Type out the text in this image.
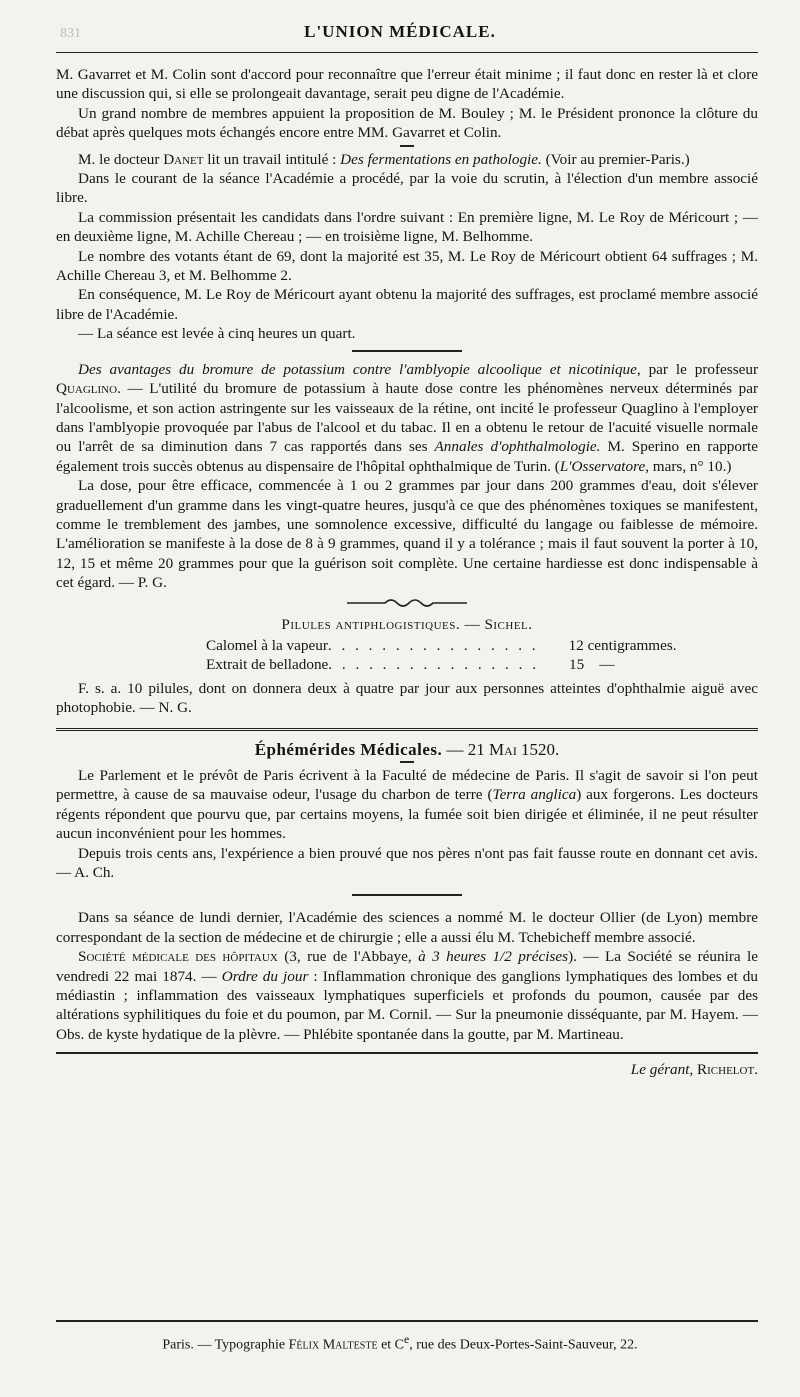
831	L'UNION MÉDICALE.

M. Gavarret et M. Colin sont d'accord pour reconnaître que l'erreur était minime ; il faut donc en rester là et clore une discussion qui, si elle se prolongeait davantage, serait peu digne de l'Académie.

Un grand nombre de membres appuient la proposition de M. Bouley ; M. le Président prononce la clôture du débat après quelques mots échangés encore entre MM. Gavarret et Colin.

M. le docteur Danet lit un travail intitulé : Des fermentations en pathologie. (Voir au premier-Paris.)

Dans le courant de la séance l'Académie a procédé, par la voie du scrutin, à l'élection d'un membre associé libre.

La commission présentait les candidats dans l'ordre suivant : En première ligne, M. Le Roy de Méricourt ; — en deuxième ligne, M. Achille Chereau ; — en troisième ligne, M. Belhomme.

Le nombre des votants étant de 69, dont la majorité est 35, M. Le Roy de Méricourt obtient 64 suffrages ; M. Achille Chereau 3, et M. Belhomme 2.

En conséquence, M. Le Roy de Méricourt ayant obtenu la majorité des suffrages, est proclamé membre associé libre de l'Académie.

— La séance est levée à cinq heures un quart.

Des avantages du bromure de potassium contre l'amblyopie alcoolique et nicotinique, par le professeur Quaglino. — L'utilité du bromure de potassium à haute dose contre les phénomènes nerveux déterminés par l'alcoolisme, et son action astringente sur les vaisseaux de la rétine, ont incité le professeur Quaglino à l'employer dans l'amblyopie provoquée par l'abus de l'alcool et du tabac. Il en a obtenu le retour de l'acuité visuelle normale ou l'arrêt de sa diminution dans 7 cas rapportés dans ses Annales d'ophthalmologie. M. Sperino en rapporte également trois succès obtenus au dispensaire de l'hôpital ophthalmique de Turin. (L'Osservatore, mars, n° 10.)

La dose, pour être efficace, commencée à 1 ou 2 grammes par jour dans 200 grammes d'eau, doit s'élever graduellement d'un gramme dans les vingt-quatre heures, jusqu'à ce que des phénomènes toxiques se manifestent, comme le tremblement des jambes, une somnolence excessive, difficulté du langage ou faiblesse de mémoire. L'amélioration se manifeste à la dose de 8 à 9 grammes, quand il y a tolérance ; mais il faut souvent la porter à 10, 12, 15 et même 20 grammes pour que la guérison soit complète. Une certaine hardiesse est donc indispensable à cet égard. — P. G.

Pilules antiphlogistiques. — Sichel.
Calomel à la vapeur . . . . . . . . . . . . . . . .	12 centigrammes.
Extrait de belladone . . . . . . . . . . . . . . . .	15    —

F. s. a. 10 pilules, dont on donnera deux à quatre par jour aux personnes atteintes d'ophthalmie aiguë avec photophobie. — N. G.

Éphémérides Médicales. — 21 Mai 1520.

Le Parlement et le prévôt de Paris écrivent à la Faculté de médecine de Paris. Il s'agit de savoir si l'on peut permettre, à cause de sa mauvaise odeur, l'usage du charbon de terre (Terra anglica) aux forgerons. Les docteurs régents répondent que pourvu que, par certains moyens, la fumée soit bien dirigée et éliminée, il ne peut résulter aucun inconvénient pour les hommes.

Depuis trois cents ans, l'expérience a bien prouvé que nos pères n'ont pas fait fausse route en donnant cet avis. — A. Ch.

Dans sa séance de lundi dernier, l'Académie des sciences a nommé M. le docteur Ollier (de Lyon) membre correspondant de la section de médecine et de chirurgie ; elle a aussi élu M. Tchebicheff membre associé.

Société médicale des hôpitaux (3, rue de l'Abbaye, à 3 heures 1/2 précises). — La Société se réunira le vendredi 22 mai 1874. — Ordre du jour : Inflammation chronique des ganglions lymphatiques des lombes et du médiastin ; inflammation des vaisseaux lymphatiques superficiels et profonds du poumon, causée par des altérations syphilitiques du foie et du poumon, par M. Cornil. — Sur la pneumonie disséquante, par M. Hayem. — Obs. de kyste hydatique de la plèvre. — Phlébite spontanée dans la goutte, par M. Martineau.

Le gérant, Richelot.
Paris. — Typographie Félix Malteste et Ce, rue des Deux-Portes-Saint-Sauveur, 22.
